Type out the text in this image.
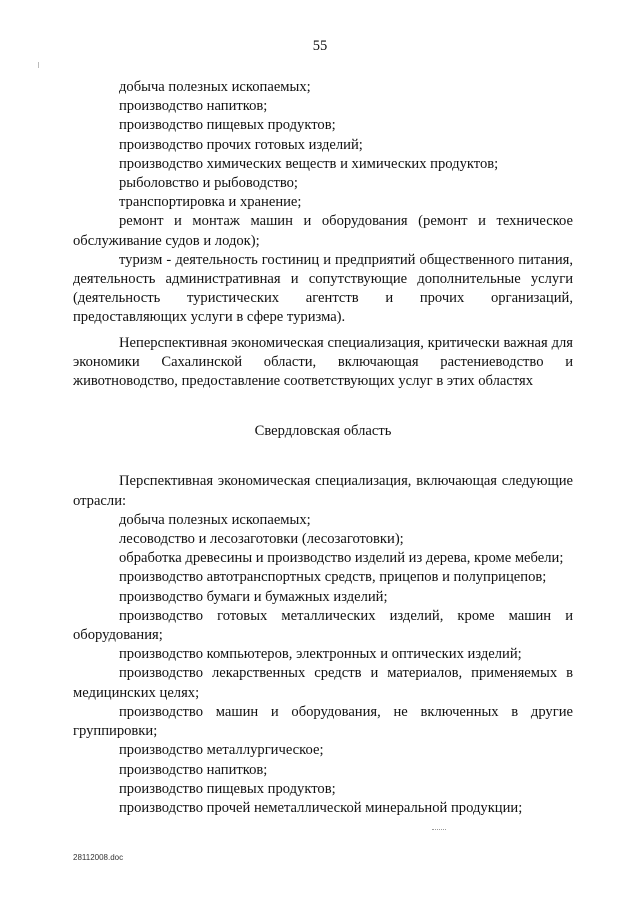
55
добыча полезных ископаемых;
производство напитков;
производство пищевых продуктов;
производство прочих готовых изделий;
производство химических веществ и химических продуктов;
рыболовство и рыбоводство;
транспортировка и хранение;
ремонт и монтаж машин и оборудования (ремонт и техническое обслуживание судов и лодок);
туризм - деятельность гостиниц и предприятий общественного питания, деятельность административная и сопутствующие дополнительные услуги (деятельность туристических агентств и прочих организаций, предоставляющих услуги в сфере туризма).
Неперспективная экономическая специализация, критически важная для экономики Сахалинской области, включающая растениеводство и животноводство, предоставление соответствующих услуг в этих областях
Свердловская область
Перспективная экономическая специализация, включающая следующие отрасли:
добыча полезных ископаемых;
лесоводство и лесозаготовки (лесозаготовки);
обработка древесины и производство изделий из дерева, кроме мебели;
производство автотранспортных средств, прицепов и полуприцепов;
производство бумаги и бумажных изделий;
производство готовых металлических изделий, кроме машин и оборудования;
производство компьютеров, электронных и оптических изделий;
производство лекарственных средств и материалов, применяемых в медицинских целях;
производство машин и оборудования, не включенных в другие группировки;
производство металлургическое;
производство напитков;
производство пищевых продуктов;
производство прочей неметаллической минеральной продукции;
28112008.doc
